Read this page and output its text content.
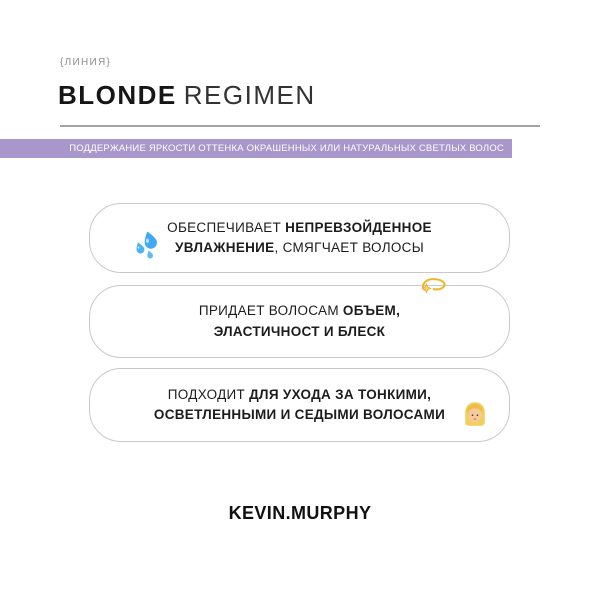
{ЛИНИЯ}
BLONDE REGIMEN
ПОДДЕРЖАНИЕ ЯРКОСТИ ОТТЕНКА ОКРАШЕННЫХ ИЛИ НАТУРАЛЬНЫХ СВЕТЛЫХ ВОЛОС
ОБЕСПЕЧИВАЕТ НЕПРЕВЗОЙДЕННОЕ
УВЛАЖНЕНИЕ, СМЯГЧАЕТ ВОЛОСЫ
ПРИДАЕТ ВОЛОСАМ ОБЪЕМ,
ЭЛАСТИЧНОСТ И БЛЕСК
ПОДХОДИТ ДЛЯ УХОДА ЗА ТОНКИМИ,
ОСВЕТЛЕННЫМИ И СЕДЫМИ ВОЛОСАМИ
KEVIN.MURPHY
